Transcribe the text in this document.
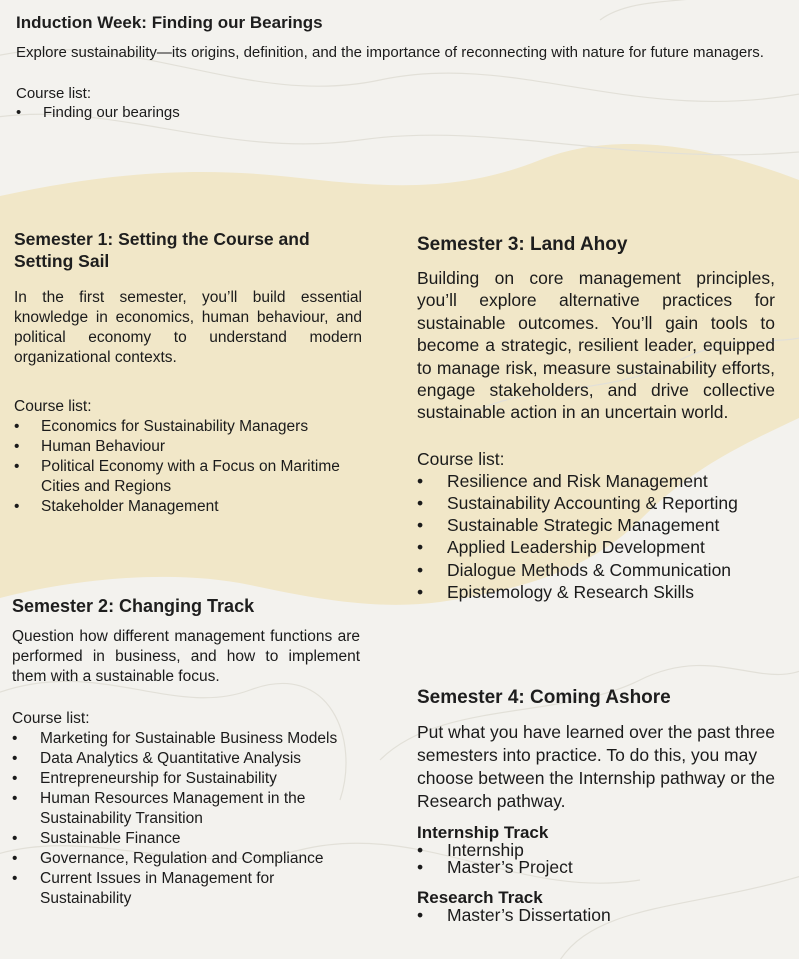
Induction Week: Finding our Bearings

Explore sustainability—its origins, definition, and the importance of reconnecting with nature for future managers.

Course list:
• Finding our bearings
Semester 1: Setting the Course and Setting Sail

In the first semester, you’ll build essential knowledge in economics, human behaviour, and political economy to understand modern organizational contexts.

Course list:
• Economics for Sustainability Managers
• Human Behaviour
• Political Economy with a Focus on Maritime Cities and Regions
• Stakeholder Management
Semester 2: Changing Track

Question how different management functions are performed in business, and how to implement them with a sustainable focus.

Course list:
• Marketing for Sustainable Business Models
• Data Analytics & Quantitative Analysis
• Entrepreneurship for Sustainability
• Human Resources Management in the Sustainability Transition
• Sustainable Finance
• Governance, Regulation and Compliance
• Current Issues in Management for Sustainability
Semester 3: Land Ahoy

Building on core management principles, you’ll explore alternative practices for sustainable outcomes. You’ll gain tools to become a strategic, resilient leader, equipped to manage risk, measure sustainability efforts, engage stakeholders, and drive collective sustainable action in an uncertain world.

Course list:
• Resilience and Risk Management
• Sustainability Accounting & Reporting
• Sustainable Strategic Management
• Applied Leadership Development
• Dialogue Methods & Communication
• Epistemology & Research Skills
Semester 4: Coming Ashore

Put what you have learned over the past three semesters into practice. To do this, you may choose between the Internship pathway or the Research pathway.

Internship Track
• Internship
• Master’s Project
Research Track
• Master’s Dissertation
